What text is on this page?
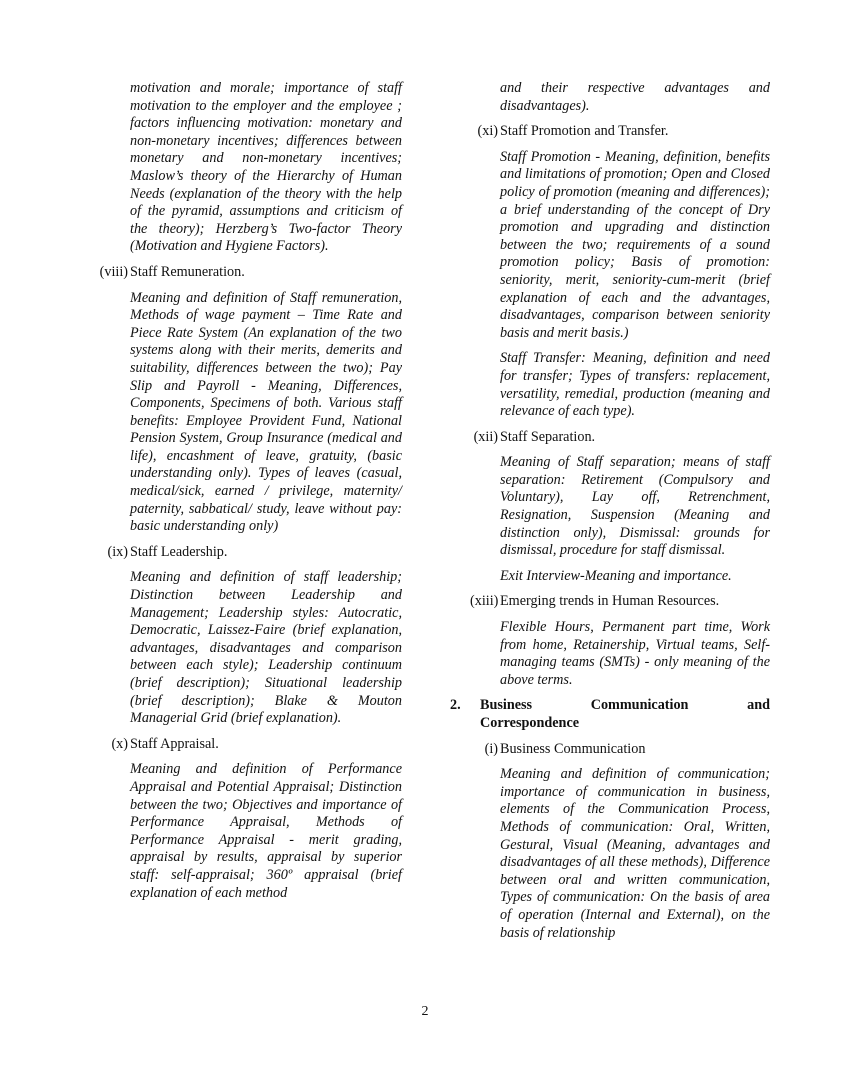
motivation and morale; importance of staff motivation to the employer and the employee ; factors influencing motivation: monetary and non-monetary incentives; differences between monetary and non-monetary incentives; Maslow’s theory of the Hierarchy of Human Needs (explanation of the theory with the help of the pyramid, assumptions and criticism of the theory); Herzberg’s Two-factor Theory (Motivation and Hygiene Factors).

(viii) Staff Remuneration.

Meaning and definition of Staff remuneration, Methods of wage payment – Time Rate and Piece Rate System (An explanation of the two systems along with their merits, demerits and suitability, differences between the two); Pay Slip and Payroll - Meaning, Differences, Components, Specimens of both. Various staff benefits: Employee Provident Fund, National Pension System, Group Insurance (medical and life), encashment of leave, gratuity, (basic understanding only). Types of leaves (casual, medical/sick, earned / privilege, maternity/ paternity, sabbatical/ study, leave without pay: basic understanding only)

(ix) Staff Leadership.

Meaning and definition of staff leadership; Distinction between Leadership and Management; Leadership styles: Autocratic, Democratic, Laissez-Faire (brief explanation, advantages, disadvantages and comparison between each style); Leadership continuum (brief description); Situational leadership (brief description); Blake & Mouton Managerial Grid (brief explanation).

(x) Staff Appraisal.

Meaning and definition of Performance Appraisal and Potential Appraisal; Distinction between the two; Objectives and importance of Performance Appraisal, Methods of Performance Appraisal - merit grading, appraisal by results, appraisal by superior staff: self-appraisal; 360º appraisal (brief explanation of each method

and their respective advantages and disadvantages).

(xi) Staff Promotion and Transfer.

Staff Promotion - Meaning, definition, benefits and limitations of promotion; Open and Closed policy of promotion (meaning and differences); a brief understanding of the concept of Dry promotion and upgrading and distinction between the two; requirements of a sound promotion policy; Basis of promotion: seniority, merit, seniority-cum-merit (brief explanation of each and the advantages, disadvantages, comparison between seniority basis and merit basis.)

Staff Transfer: Meaning, definition and need for transfer; Types of transfers: replacement, versatility, remedial, production (meaning and relevance of each type).

(xii) Staff Separation.

Meaning of Staff separation; means of staff separation: Retirement (Compulsory and Voluntary), Lay off, Retrenchment, Resignation, Suspension (Meaning and distinction only), Dismissal: grounds for dismissal, procedure for staff dismissal.

Exit Interview-Meaning and importance.

(xiii) Emerging trends in Human Resources.

Flexible Hours, Permanent part time, Work from home, Retainership, Virtual teams, Self-managing teams (SMTs) - only meaning of the above terms.

2.	Business Communication and
Correspondence
(i) Business Communication

Meaning and definition of communication; importance of communication in business, elements of the Communication Process, Methods of communication: Oral, Written, Gestural, Visual (Meaning, advantages and disadvantages of all these methods), Difference between oral and written communication, Types of communication: On the basis of area of operation (Internal and External), on the basis of relationship

2
